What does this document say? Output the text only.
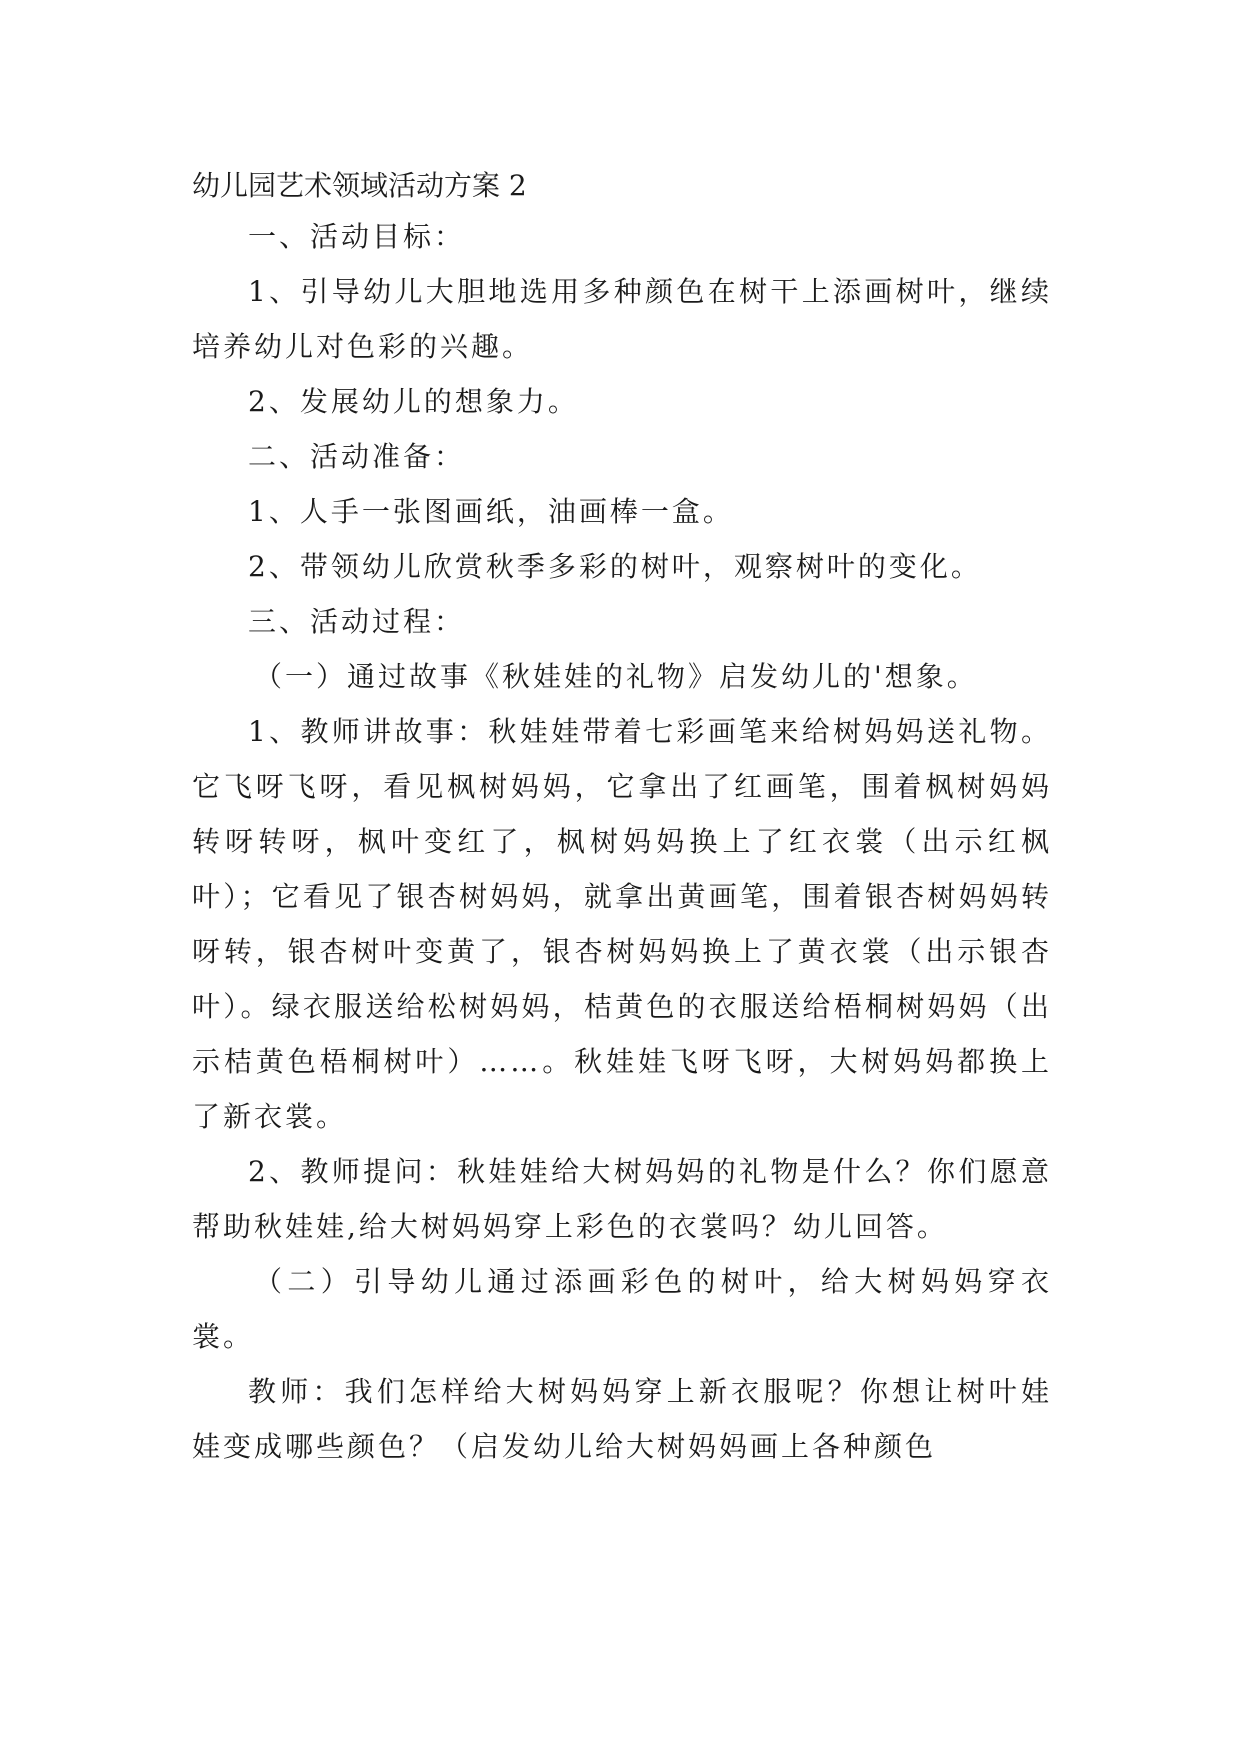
幼儿园艺术领域活动方案 2

一、活动目标：

1、引导幼儿大胆地选用多种颜色在树干上添画树叶，继续培养幼儿对色彩的兴趣。

2、发展幼儿的想象力。

二、活动准备：

1、人手一张图画纸，油画棒一盒。

2、带领幼儿欣赏秋季多彩的树叶，观察树叶的变化。

三、活动过程：

（一）通过故事《秋娃娃的礼物》启发幼儿的'想象。

1、教师讲故事：秋娃娃带着七彩画笔来给树妈妈送礼物。它飞呀飞呀，看见枫树妈妈，它拿出了红画笔，围着枫树妈妈转呀转呀，枫叶变红了，枫树妈妈换上了红衣裳（出示红枫叶）；它看见了银杏树妈妈，就拿出黄画笔，围着银杏树妈妈转呀转，银杏树叶变黄了，银杏树妈妈换上了黄衣裳（出示银杏叶）。绿衣服送给松树妈妈，桔黄色的衣服送给梧桐树妈妈（出示桔黄色梧桐树叶）……。秋娃娃飞呀飞呀，大树妈妈都换上了新衣裳。

2、教师提问：秋娃娃给大树妈妈的礼物是什么？你们愿意帮助秋娃娃,给大树妈妈穿上彩色的衣裳吗？幼儿回答。

（二）引导幼儿通过添画彩色的树叶，给大树妈妈穿衣裳。

教师：我们怎样给大树妈妈穿上新衣服呢？你想让树叶娃娃变成哪些颜色？（启发幼儿给大树妈妈画上各种颜色
